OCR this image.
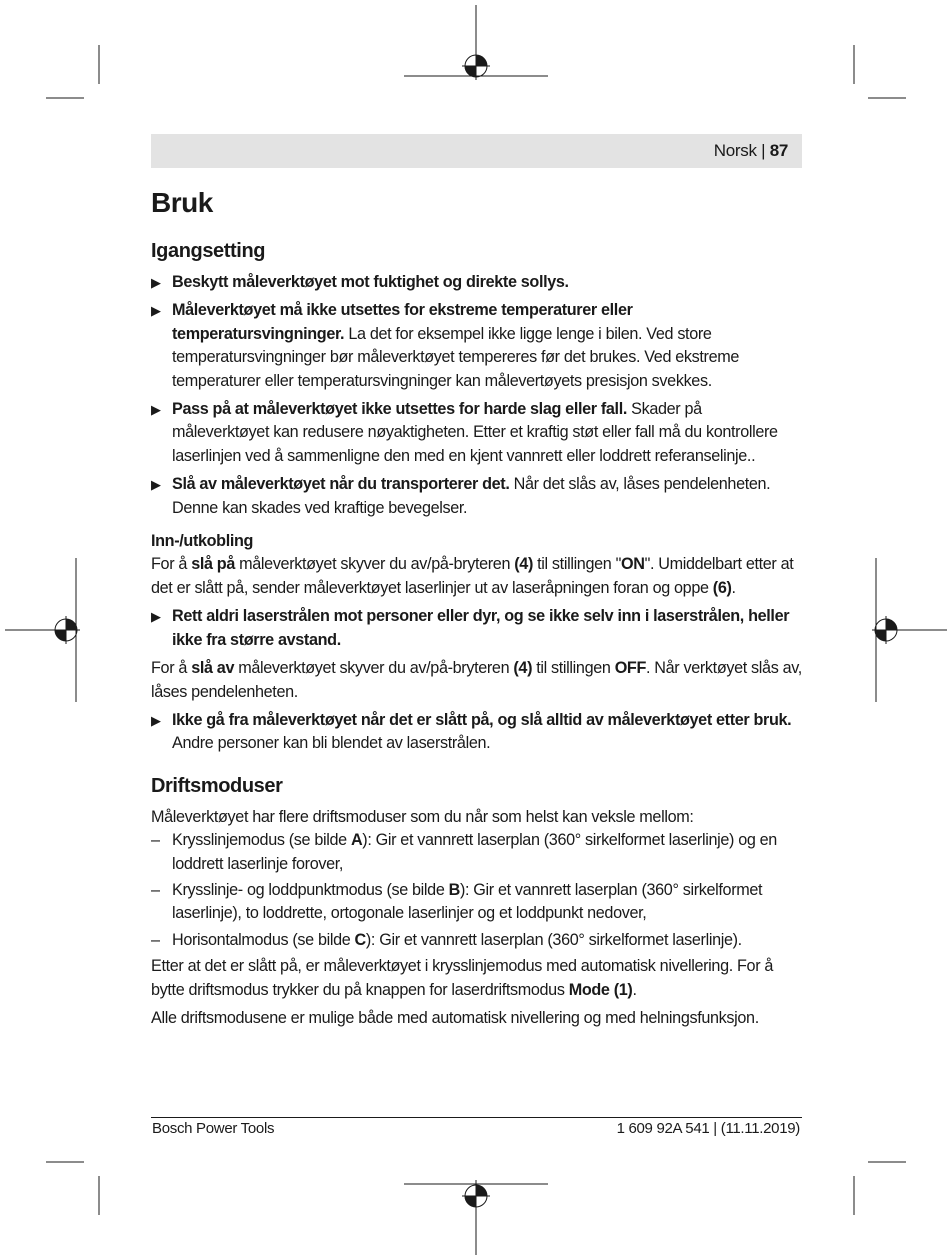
Norsk | 87
Bruk
Igangsetting
▶ Beskytt måleverktøyet mot fuktighet og direkte sollys.
▶ Måleverktøyet må ikke utsettes for ekstreme temperaturer eller temperatursvingninger. La det for eksempel ikke ligge lenge i bilen. Ved store temperatursvingninger bør måleverktøyet tempereres før det brukes. Ved ekstreme temperaturer eller temperatursvingninger kan målevertøyets presisjon svekkes.
▶ Pass på at måleverktøyet ikke utsettes for harde slag eller fall. Skader på måleverktøyet kan redusere nøyaktigheten. Etter et kraftig støt eller fall må du kontrollere laserlinjen ved å sammenligne den med en kjent vannrett eller loddrett referanselinje..
▶ Slå av måleverktøyet når du transporterer det. Når det slås av, låses pendelenheten. Denne kan skades ved kraftige bevegelser.
Inn-/utkobling

For å slå på måleverktøyet skyver du av/på-bryteren (4) til stillingen "ON". Umiddelbart etter at det er slått på, sender måleverktøyet laserlinjer ut av laseråpningen foran og oppe (6).

▶ Rett aldri laserstrålen mot personer eller dyr, og se ikke selv inn i laserstrålen, heller ikke fra større avstand.

For å slå av måleverktøyet skyver du av/på-bryteren (4) til stillingen OFF. Når verktøyet slås av, låses pendelenheten.

▶ Ikke gå fra måleverktøyet når det er slått på, og slå alltid av måleverktøyet etter bruk. Andre personer kan bli blendet av laserstrålen.
Driftsmoduser

Måleverktøyet har flere driftsmoduser som du når som helst kan veksle mellom:

– Krysslinjemodus (se bilde A): Gir et vannrett laserplan (360° sirkelformet laserlinje) og en loddrett laserlinje forover,
– Krysslinje- og loddpunktmodus (se bilde B): Gir et vannrett laserplan (360° sirkelformet laserlinje), to loddrette, ortogonale laserlinjer og et loddpunkt nedover,
– Horisontalmodus (se bilde C): Gir et vannrett laserplan (360° sirkelformet laserlinje).

Etter at det er slått på, er måleverktøyet i krysslinjemodus med automatisk nivellering. For å bytte driftsmodus trykker du på knappen for laserdriftsmodus Mode (1).

Alle driftsmodusene er mulige både med automatisk nivellering og med helningsfunksjon.

Bosch Power Tools	1 609 92A 541 | (11.11.2019)
